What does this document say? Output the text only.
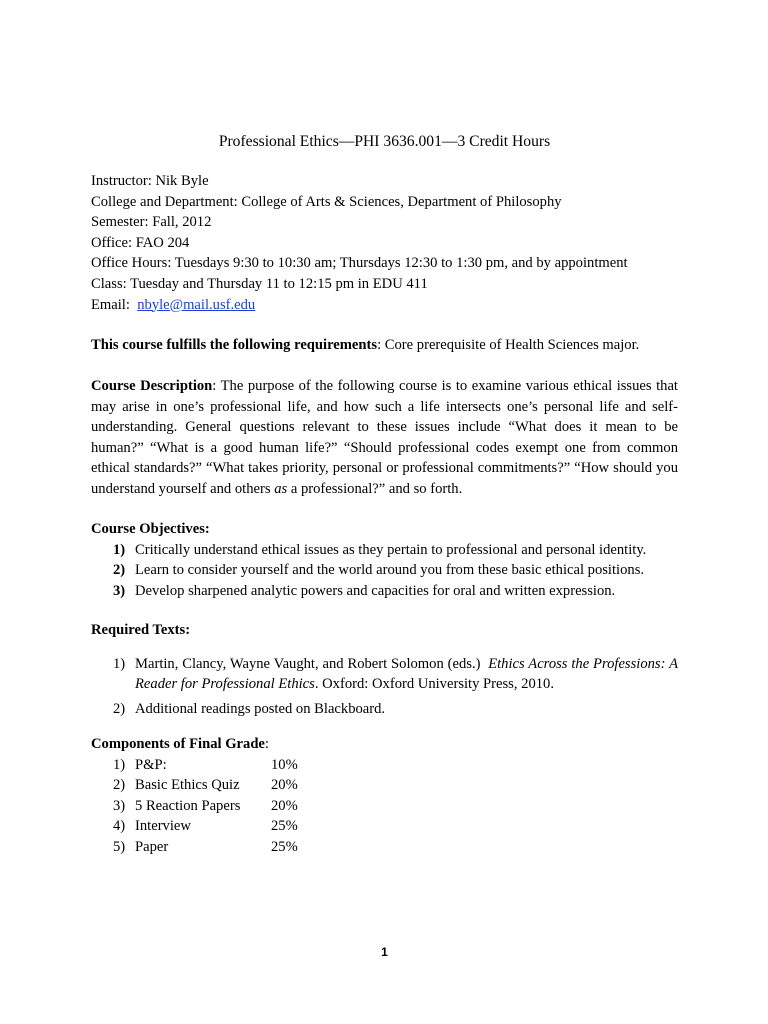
Professional Ethics—PHI 3636.001—3 Credit Hours
Instructor: Nik Byle
College and Department: College of Arts & Sciences, Department of Philosophy
Semester: Fall, 2012
Office: FAO 204
Office Hours: Tuesdays 9:30 to 10:30 am; Thursdays 12:30 to 1:30 pm, and by appointment
Class: Tuesday and Thursday 11 to 12:15 pm in EDU 411
Email:  nbyle@mail.usf.edu
This course fulfills the following requirements: Core prerequisite of Health Sciences major.
Course Description: The purpose of the following course is to examine various ethical issues that may arise in one’s professional life, and how such a life intersects one’s personal life and self-understanding. General questions relevant to these issues include “What does it mean to be human?” “What is a good human life?” “Should professional codes exempt one from common ethical standards?” “What takes priority, personal or professional commitments?” “How should you understand yourself and others as a professional?” and so forth.
Course Objectives:
1) Critically understand ethical issues as they pertain to professional and personal identity.
2) Learn to consider yourself and the world around you from these basic ethical positions.
3) Develop sharpened analytic powers and capacities for oral and written expression.
Required Texts:
1) Martin, Clancy, Wayne Vaught, and Robert Solomon (eds.)  Ethics Across the Professions: A Reader for Professional Ethics. Oxford: Oxford University Press, 2010.
2) Additional readings posted on Blackboard.
Components of Final Grade:
1) P&P:	10%
2) Basic Ethics Quiz 20%
3) 5 Reaction Papers 20%
4) Interview	25%
5) Paper	25%
1
